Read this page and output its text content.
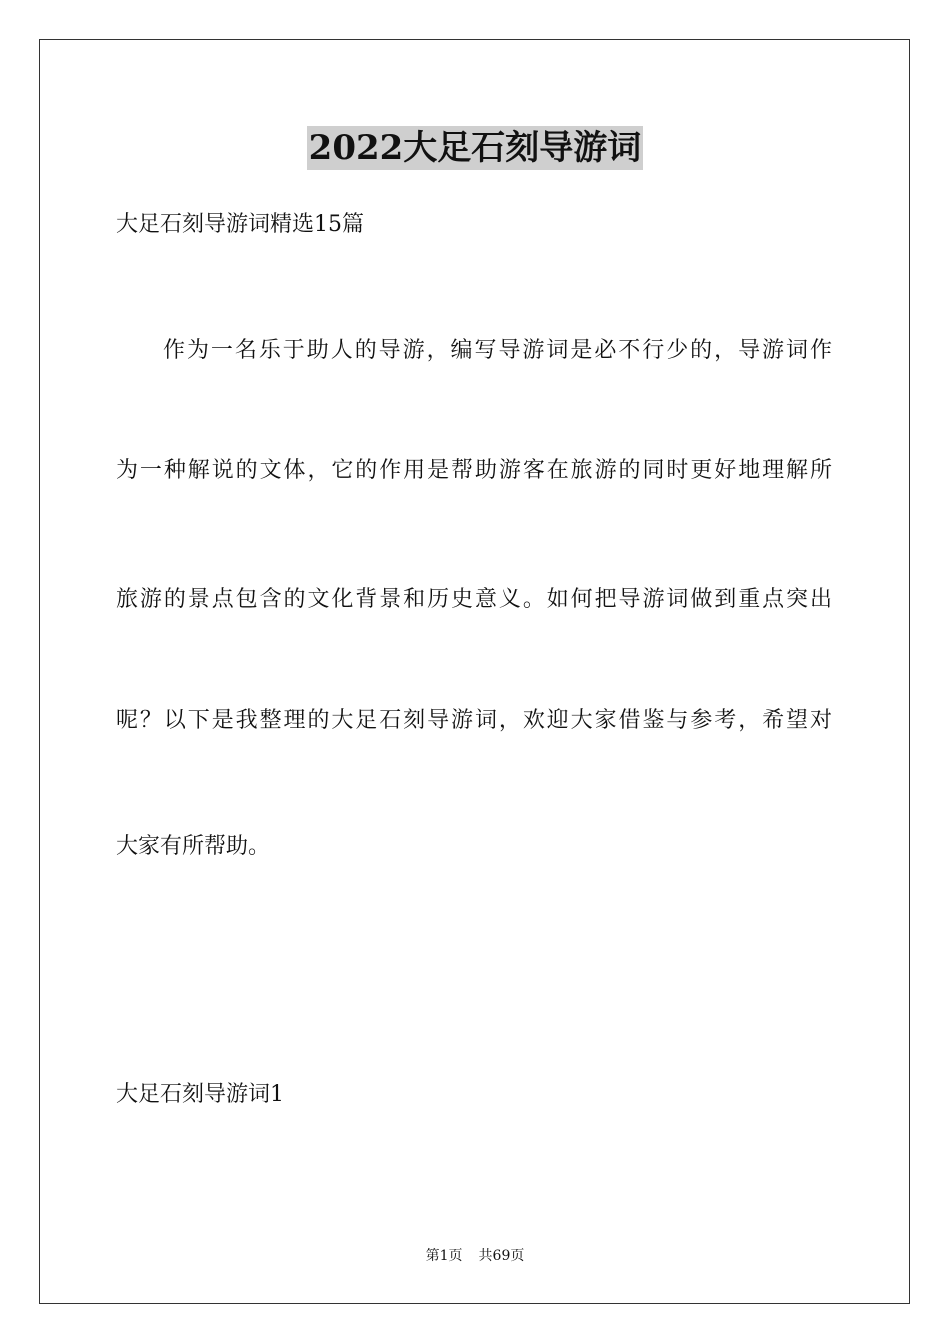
2022大足石刻导游词
大足石刻导游词精选15篇
作为一名乐于助人的导游，编写导游词是必不行少的，导游词作
为一种解说的文体，它的作用是帮助游客在旅游的同时更好地理解所
旅游的景点包含的文化背景和历史意义。如何把导游词做到重点突出
呢？以下是我整理的大足石刻导游词，欢迎大家借鉴与参考，希望对
大家有所帮助。
大足石刻导游词1
第1页 共69页
